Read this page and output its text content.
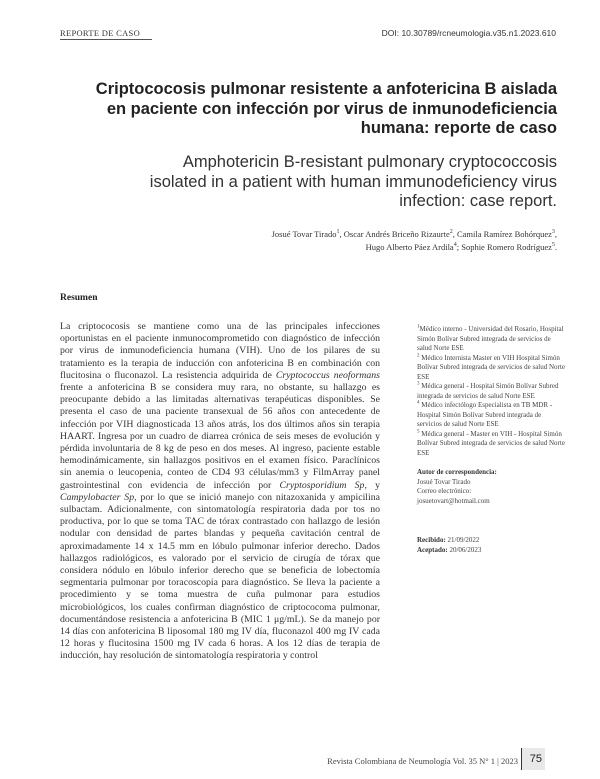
REPORTE DE CASO	DOI: 10.30789/rcneumologia.v35.n1.2023.610
Criptococosis pulmonar resistente a anfotericina B aislada
en paciente con infección por virus de inmunodeficiencia
humana: reporte de caso
Amphotericin B-resistant pulmonary cryptococcosis
isolated in a patient with human immunodeficiency virus
infection: case report.
Josué Tovar Tirado$^1$, Oscar Andrés Briceño Rizaurte$^2$, Camila Ramírez Bohórquez$^3$,
Hugo Alberto Páez Ardila$^4$; Sophie Romero Rodríguez$^5$.
Resumen

La criptococosis se mantiene como una de las principales infecciones oportunistas en el paciente inmunocomprometido con diagnóstico de infección por virus de inmunodeficiencia humana (VIH). Uno de los pilares de su tratamiento es la terapia de inducción con anfotericina B en combinación con flucitosina o fluconazol. La resistencia adquirida de Cryptococcus neoformans frente a anfotericina B se considera muy rara, no obstante, su hallazgo es preocupante debido a las limitadas alternativas terapéuticas disponibles. Se presenta el caso de una paciente transexual de 56 años con antecedente de infección por VIH diagnosticada 13 años atrás, los dos últimos años sin terapia HAART. Ingresa por un cuadro de diarrea crónica de seis meses de evolución y pérdida involuntaria de 8 kg de peso en dos meses. Al ingreso, paciente estable hemodinámicamente, sin hallazgos positivos en el examen físico. Paraclínicos sin anemia o leucopenia, conteo de CD4 93 células/mm3 y FilmArray panel gastrointestinal con evidencia de infección por Cryptosporidium Sp, y Campylobacter Sp, por lo que se inició manejo con nitazoxanida y ampicilina sulbactam. Adicionalmente, con sintomatología respiratoria dada por tos no productiva, por lo que se toma TAC de tórax contrastado con hallazgo de lesión nodular con densidad de partes blandas y pequeña cavitación central de aproximadamente 14 x 14.5 mm en lóbulo pulmonar inferior derecho. Dados hallazgos radiológicos, es valorado por el servicio de cirugía de tórax que considera nódulo en lóbulo inferior derecho que se beneficia de lobectomía segmentaria pulmonar por toracoscopia para diagnóstico. Se lleva la paciente a procedimiento y se toma muestra de cuña pulmonar para estudios microbiológicos, los cuales confirman diagnóstico de criptococoma pulmonar, documentándose resistencia a anfotericina B (MIC 1 μg/mL). Se da manejo por 14 días con anfotericina B liposomal 180 mg IV día, fluconazol 400 mg IV cada 12 horas y flucitosina 1500 mg IV cada 6 horas. A los 12 días de terapia de inducción, hay resolución de sintomatología respiratoria y control

$^1$Médico interno - Universidad del Rosario, Hospital Simón Bolívar Subred integrada de servicios de salud Norte ESE
$^2$ Médico Internista Master en VIH Hospital Simón Bolívar Subred integrada de servicios de salud Norte ESE
$^3$ Médica general - Hospital Simón Bolívar Subred integrada de servicios de salud Norte ESE
$^4$ Médico infectólogo Especialista en TB MDR - Hospital Simón Bolívar Subred integrada de servicios de salud Norte ESE
$^5$ Médica general - Master en VIH - Hospital Simón Bolívar Subred integrada de servicios de salud Norte ESE
Autor de correspondencia:
Josué Tovar Tirado
Correo electrónico:
josuetovart@hotmail.com
Recibido: 21/09/2022
Aceptado: 20/06/2023
Revista Colombiana de Neumología Vol. 35 N° 1 | 2023	75
